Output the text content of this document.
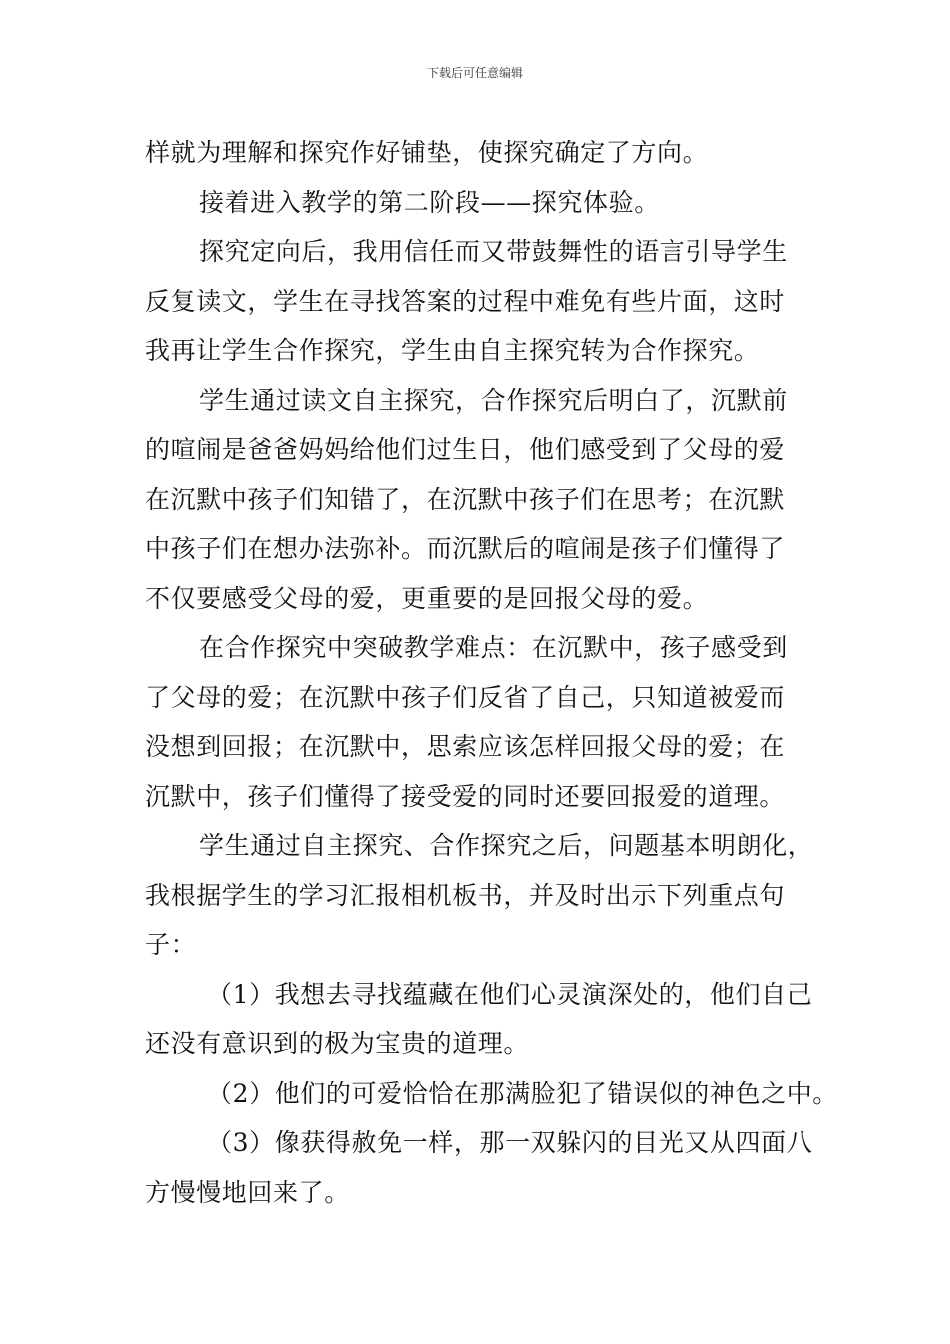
下载后可任意编辑
样就为理解和探究作好铺垫，使探究确定了方向。
接着进入教学的第二阶段——探究体验。
探究定向后，我用信任而又带鼓舞性的语言引导学生
反复读文，学生在寻找答案的过程中难免有些片面，这时
我再让学生合作探究，学生由自主探究转为合作探究。
学生通过读文自主探究，合作探究后明白了，沉默前
的喧闹是爸爸妈妈给他们过生日，他们感受到了父母的爱
在沉默中孩子们知错了，在沉默中孩子们在思考；在沉默
中孩子们在想办法弥补。而沉默后的喧闹是孩子们懂得了
不仅要感受父母的爱，更重要的是回报父母的爱。
在合作探究中突破教学难点：在沉默中，孩子感受到
了父母的爱；在沉默中孩子们反省了自己，只知道被爱而
没想到回报；在沉默中，思索应该怎样回报父母的爱；在
沉默中，孩子们懂得了接受爱的同时还要回报爱的道理。
学生通过自主探究、合作探究之后，问题基本明朗化，
我根据学生的学习汇报相机板书，并及时出示下列重点句
子：
（1）我想去寻找蕴藏在他们心灵演深处的，他们自己
还没有意识到的极为宝贵的道理。
（2）他们的可爱恰恰在那满脸犯了错误似的神色之中。
（3）像获得赦免一样，那一双躲闪的目光又从四面八
方慢慢地回来了。
